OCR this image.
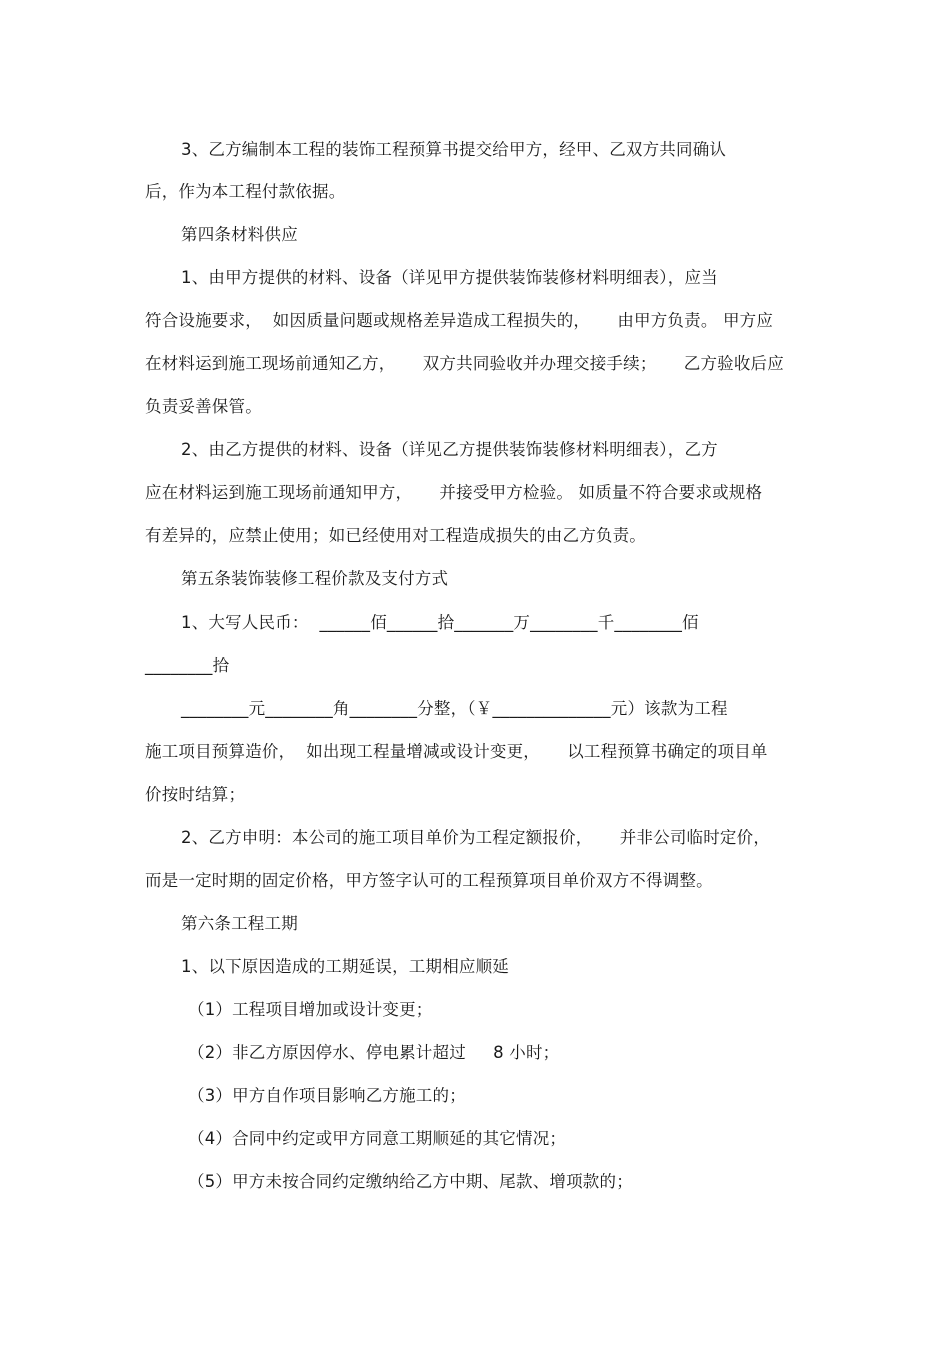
3、乙方编制本工程的装饰工程预算书提交给甲方，经甲、乙双方共同确认
后，作为本工程付款依据。
第四条材料供应
1、由甲方提供的材料、设备（详见甲方提供装饰装修材料明细表），应当
符合设施要求，  如因质量问题或规格差异造成工程损失的，     由甲方负责。 甲方应
在材料运到施工现场前通知乙方，     双方共同验收并办理交接手续；     乙方验收后应
负责妥善保管。
2、由乙方提供的材料、设备（详见乙方提供装饰装修材料明细表），乙方
应在材料运到施工现场前通知甲方，     并接受甲方检验。 如质量不符合要求或规格
有差异的，应禁止使用；如已经使用对工程造成损失的由乙方负责。
第五条装饰装修工程价款及支付方式
1、大写人民币：  ______佰______拾_______万________千________佰
________拾
________元________角________分整，（￥______________元）该款为工程
施工项目预算造价，  如出现工程量增减或设计变更，     以工程预算书确定的项目单
价按时结算；
2、乙方申明：本公司的施工项目单价为工程定额报价，     并非公司临时定价，
而是一定时期的固定价格，甲方签字认可的工程预算项目单价双方不得调整。
第六条工程工期
1、以下原因造成的工期延误，工期相应顺延
（1）工程项目增加或设计变更；
（2）非乙方原因停水、停电累计超过     8 小时；
（3）甲方自作项目影响乙方施工的；
（4）合同中约定或甲方同意工期顺延的其它情况；
（5）甲方未按合同约定缴纳给乙方中期、尾款、增项款的；
